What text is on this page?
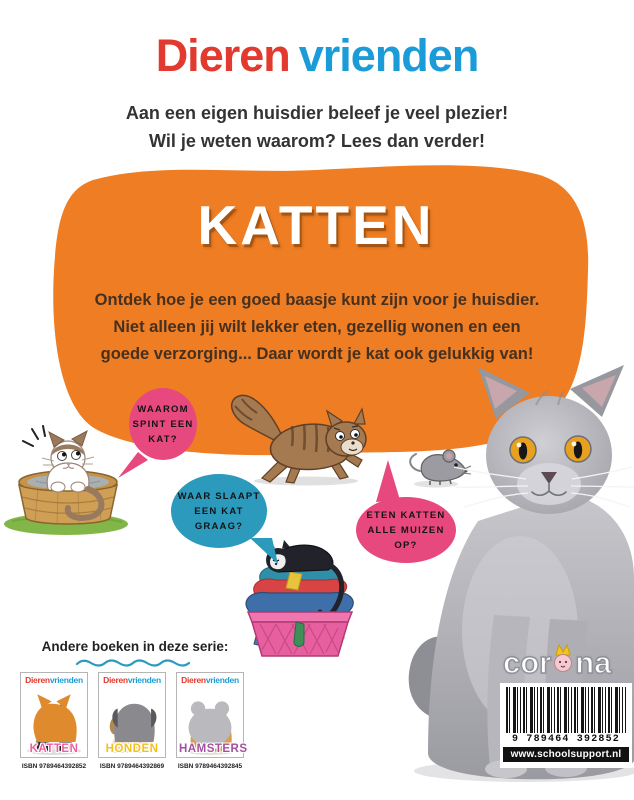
Dieren vrienden
Aan een eigen huisdier beleef je veel plezier!
Wil je weten waarom? Lees dan verder!
KATTEN
Ontdek hoe je een goed baasje kunt zijn voor je huisdier.
Niet alleen jij wilt lekker eten, gezellig wonen en een
goede verzorging... Daar wordt je kat ook gelukkig van!
WAAROM
SPINT EEN
KAT?
WAAR SLAAPT
EEN KAT
GRAAG?
ETEN KATTEN
ALLE MUIZEN
OP?
Andere boeken in deze serie:
Dierenvrienden
KATTEN
ISBN 9789464392852
Dierenvrienden
HONDEN
ISBN 9789464392869
Dierenvrienden
HAMSTERS
ISBN 9789464392845
cor na
9 789464 392852
www.schoolsupport.nl
